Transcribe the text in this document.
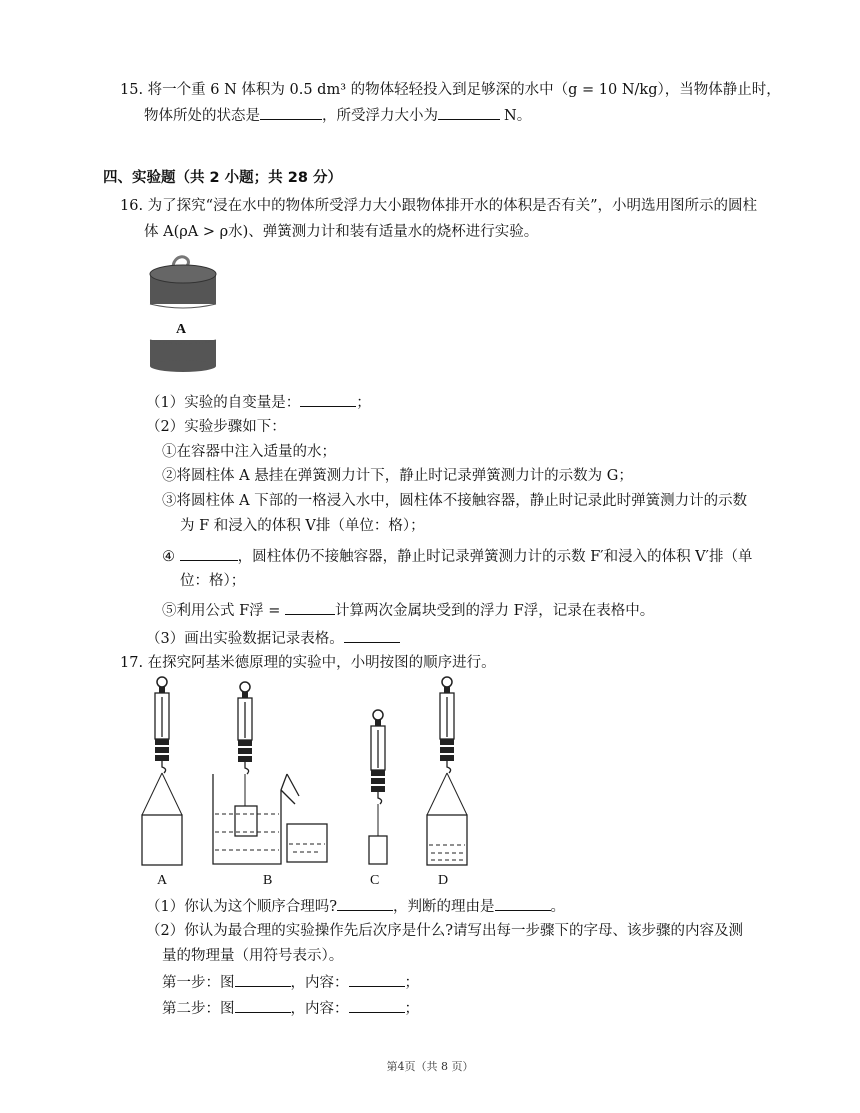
15. 将一个重 6 N 体积为 0.5 dm³ 的物体轻轻投入到足够深的水中（g = 10 N/kg），当物体静止时，
物体所处的状态是	，所受浮力大小为	N。
四、实验题（共 2 小题；共 28 分）
16. 为了探究“浸在水中的物体所受浮力大小跟物体排开水的体积是否有关”，小明选用图所示的圆柱
体 A(ρA > ρ水)、弹簧测力计和装有适量水的烧杯进行实验。
A
（1）实验的自变量是：	；
（2）实验步骤如下：
①在容器中注入适量的水；
②将圆柱体 A 悬挂在弹簧测力计下，静止时记录弹簧测力计的示数为 G；
③将圆柱体 A 下部的一格浸入水中，圆柱体不接触容器，静止时记录此时弹簧测力计的示数
为 F 和浸入的体积 V排（单位：格）；
④	，圆柱体仍不接触容器，静止时记录弹簧测力计的示数 F′和浸入的体积 V′排（单
位：格）；
⑤利用公式 F浮 =	计算两次金属块受到的浮力 F浮，记录在表格中。
（3）画出实验数据记录表格。
17. 在探究阿基米德原理的实验中，小明按图的顺序进行。
A	B	C	D
（1）你认为这个顺序合理吗?	，判断的理由是	。
（2）你认为最合理的实验操作先后次序是什么?请写出每一步骤下的字母、该步骤的内容及测
量的物理量（用符号表示）。
第一步：图	，内容：	；
第二步：图	，内容：	；
第4页（共 8 页）
